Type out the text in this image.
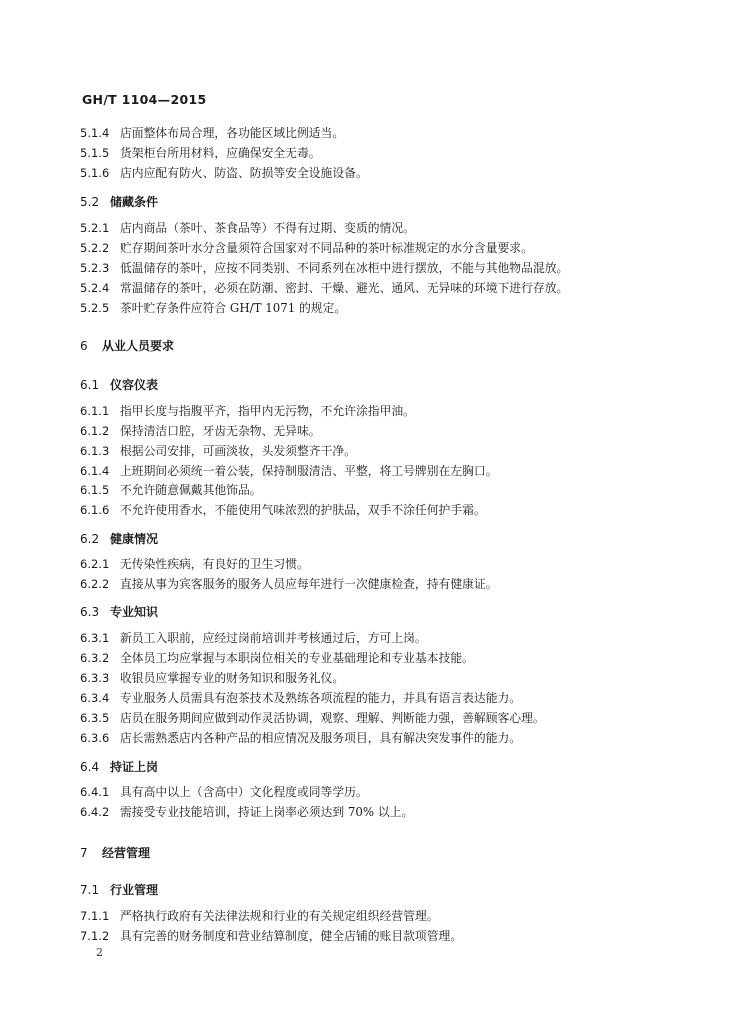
GH/T 1104—2015
5.1.4 店面整体布局合理，各功能区域比例适当。
5.1.5 货架柜台所用材料，应确保安全无毒。
5.1.6 店内应配有防火、防盗、防损等安全设施设备。
5.2 储藏条件
5.2.1 店内商品（茶叶、茶食品等）不得有过期、变质的情况。
5.2.2 贮存期间茶叶水分含量须符合国家对不同品种的茶叶标准规定的水分含量要求。
5.2.3 低温储存的茶叶，应按不同类别、不同系列在冰柜中进行摆放，不能与其他物品混放。
5.2.4 常温储存的茶叶，必须在防潮、密封、干燥、避光、通风、无异味的环境下进行存放。
5.2.5 茶叶贮存条件应符合 GH/T 1071 的规定。
6 从业人员要求
6.1 仪容仪表
6.1.1 指甲长度与指腹平齐，指甲内无污物，不允许涂指甲油。
6.1.2 保持清洁口腔，牙齿无杂物、无异味。
6.1.3 根据公司安排，可画淡妆，头发须整齐干净。
6.1.4 上班期间必须统一着公装，保持制服清洁、平整，将工号牌别在左胸口。
6.1.5 不允许随意佩戴其他饰品。
6.1.6 不允许使用香水，不能使用气味浓烈的护肤品，双手不涂任何护手霜。
6.2 健康情况
6.2.1 无传染性疾病，有良好的卫生习惯。
6.2.2 直接从事为宾客服务的服务人员应每年进行一次健康检查，持有健康证。
6.3 专业知识
6.3.1 新员工入职前，应经过岗前培训并考核通过后，方可上岗。
6.3.2 全体员工均应掌握与本职岗位相关的专业基础理论和专业基本技能。
6.3.3 收银员应掌握专业的财务知识和服务礼仪。
6.3.4 专业服务人员需具有泡茶技术及熟练各项流程的能力，并具有语言表达能力。
6.3.5 店员在服务期间应做到动作灵活协调，观察、理解、判断能力强，善解顾客心理。
6.3.6 店长需熟悉店内各种产品的相应情况及服务项目，具有解决突发事件的能力。
6.4 持证上岗
6.4.1 具有高中以上（含高中）文化程度或同等学历。
6.4.2 需接受专业技能培训，持证上岗率必须达到 70% 以上。
7 经营管理
7.1 行业管理
7.1.1 严格执行政府有关法律法规和行业的有关规定组织经营管理。
7.1.2 具有完善的财务制度和营业结算制度，健全店铺的账目款项管理。
2
